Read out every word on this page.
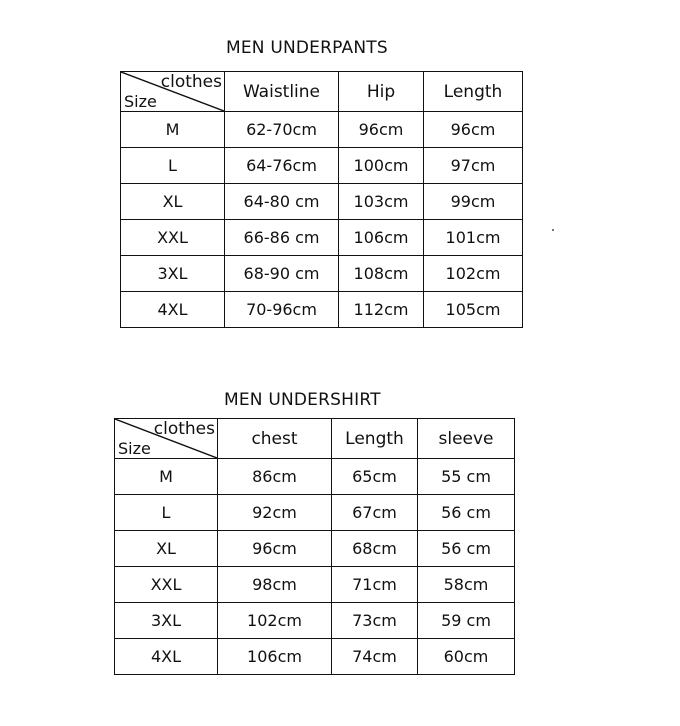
MEN UNDERPANTS
clothes
Size	Waistline	Hip	Length
M	62-70cm	96cm	96cm
L	64-76cm	100cm	97cm
XL	64-80 cm	103cm	99cm
XXL	66-86 cm	106cm	101cm
3XL	68-90 cm	108cm	102cm
4XL	70-96cm	112cm	105cm
MEN UNDERSHIRT
clothes
Size	chest	Length	sleeve
M	86cm	65cm	55 cm
L	92cm	67cm	56 cm
XL	96cm	68cm	56 cm
XXL	98cm	71cm	58cm
3XL	102cm	73cm	59 cm
4XL	106cm	74cm	60cm
